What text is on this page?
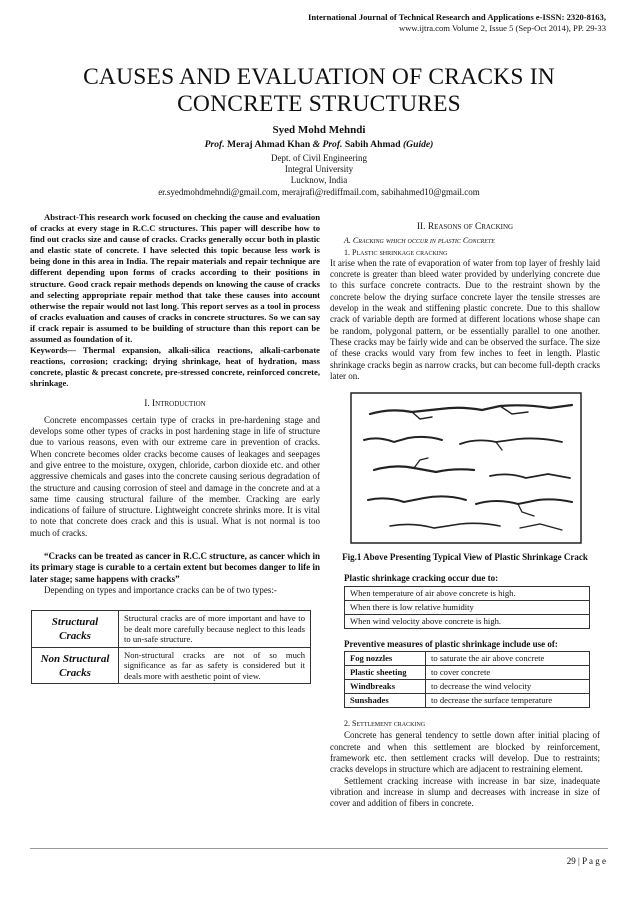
International Journal of Technical Research and Applications e-ISSN: 2320-8163,
www.ijtra.com Volume 2, Issue 5 (Sep-Oct 2014), PP. 29-33
CAUSES AND EVALUATION OF CRACKS IN
CONCRETE STRUCTURES
Syed Mohd Mehndi
Prof. Meraj Ahmad Khan & Prof. Sabih Ahmad (Guide)
Dept. of Civil Engineering
Integral University
Lucknow, India
er.syedmohdmehndi@gmail.com, merajrafi@rediffmail.com, sabihahmed10@gmail.com

Abstract-This research work focused on checking the cause and evaluation of cracks at every stage in R.C.C structures. This paper will describe how to find out cracks size and cause of cracks. Cracks generally occur both in plastic and elastic state of concrete. I have selected this topic because less work is being done in this area in India. The repair materials and repair technique are different depending upon forms of cracks according to their positions in structure. Good crack repair methods depends on knowing the cause of cracks and selecting appropriate repair method that take these causes into account otherwise the repair would not last long. This report serves as a tool in process of cracks evaluation and causes of cracks in concrete structures. So we can say if crack repair is assumed to be building of structure than this report can be assumed as foundation of it.

Keywords— Thermal expansion, alkali-silica reactions, alkali-carbonate reactions, corrosion; cracking; drying shrinkage, heat of hydration, mass concrete, plastic & precast concrete, pre-stressed concrete, reinforced concrete, shrinkage.

I. Introduction

Concrete encompasses certain type of cracks in pre-hardening stage and develops some other types of cracks in post hardening stage in life of structure due to various reasons, even with our extreme care in prevention of cracks. When concrete becomes older cracks become causes of leakages and seepages and give entree to the moisture, oxygen, chloride, carbon dioxide etc. and other aggressive chemicals and gases into the concrete causing serious degradation of the structure and causing corrosion of steel and damage in the concrete and at a same time causing structural failure of the member. Cracking are early indications of failure of structure. Lightweight concrete shrinks more. It is vital to note that concrete does crack and this is usual. What is not normal is too much of cracks.

“Cracks can be treated as cancer in R.C.C structure, as cancer which in its primary stage is curable to a certain extent but becomes danger to life in later stage; same happens with cracks”

Depending on types and importance cracks can be of two types:-

Structural Cracks	Structural cracks are of more important and have to be dealt more carefully because neglect to this leads to un-safe structure.
Non Structural Cracks	Non-structural cracks are not of so much significance as far as safety is considered but it deals more with aesthetic point of view.

II. Reasons of Cracking

A. Cracking which occur in plastic Concrete

1. Plastic shrinkage cracking

It arise when the rate of evaporation of water from top layer of freshly laid concrete is greater than bleed water provided by underlying concrete due to this surface concrete contracts. Due to the restraint shown by the concrete below the drying surface concrete layer the tensile stresses are develop in the weak and stiffening plastic concrete. Due to this shallow crack of variable depth are formed at different locations whose shape can be random, polygonal pattern, or be essentially parallel to one another. These cracks may be fairly wide and can be observed the surface. The size of these cracks would vary from few inches to feet in length. Plastic shrinkage cracks begin as narrow cracks, but can become full-depth cracks later on.

Fig.1 Above Presenting Typical View of Plastic Shrinkage Crack

Plastic shrinkage cracking occur due to:

When temperature of air above concrete is high.
When there is low relative humidity
When wind velocity above concrete is high.

Preventive measures of plastic shrinkage include use of:

Fog nozzles	to saturate the air above concrete
Plastic sheeting	to cover concrete
Windbreaks	to decrease the wind velocity
Sunshades	to decrease the surface temperature

2. Settlement cracking

Concrete has general tendency to settle down after initial placing of concrete and when this settlement are blocked by reinforcement, framework etc. then settlement cracks will develop. Due to restraints; cracks develops in structure which are adjacent to restraining element.

Settlement cracking increase with increase in bar size, inadequate vibration and increase in slump and decreases with increase in size of cover and addition of fibers in concrete.

29 | P a g e
